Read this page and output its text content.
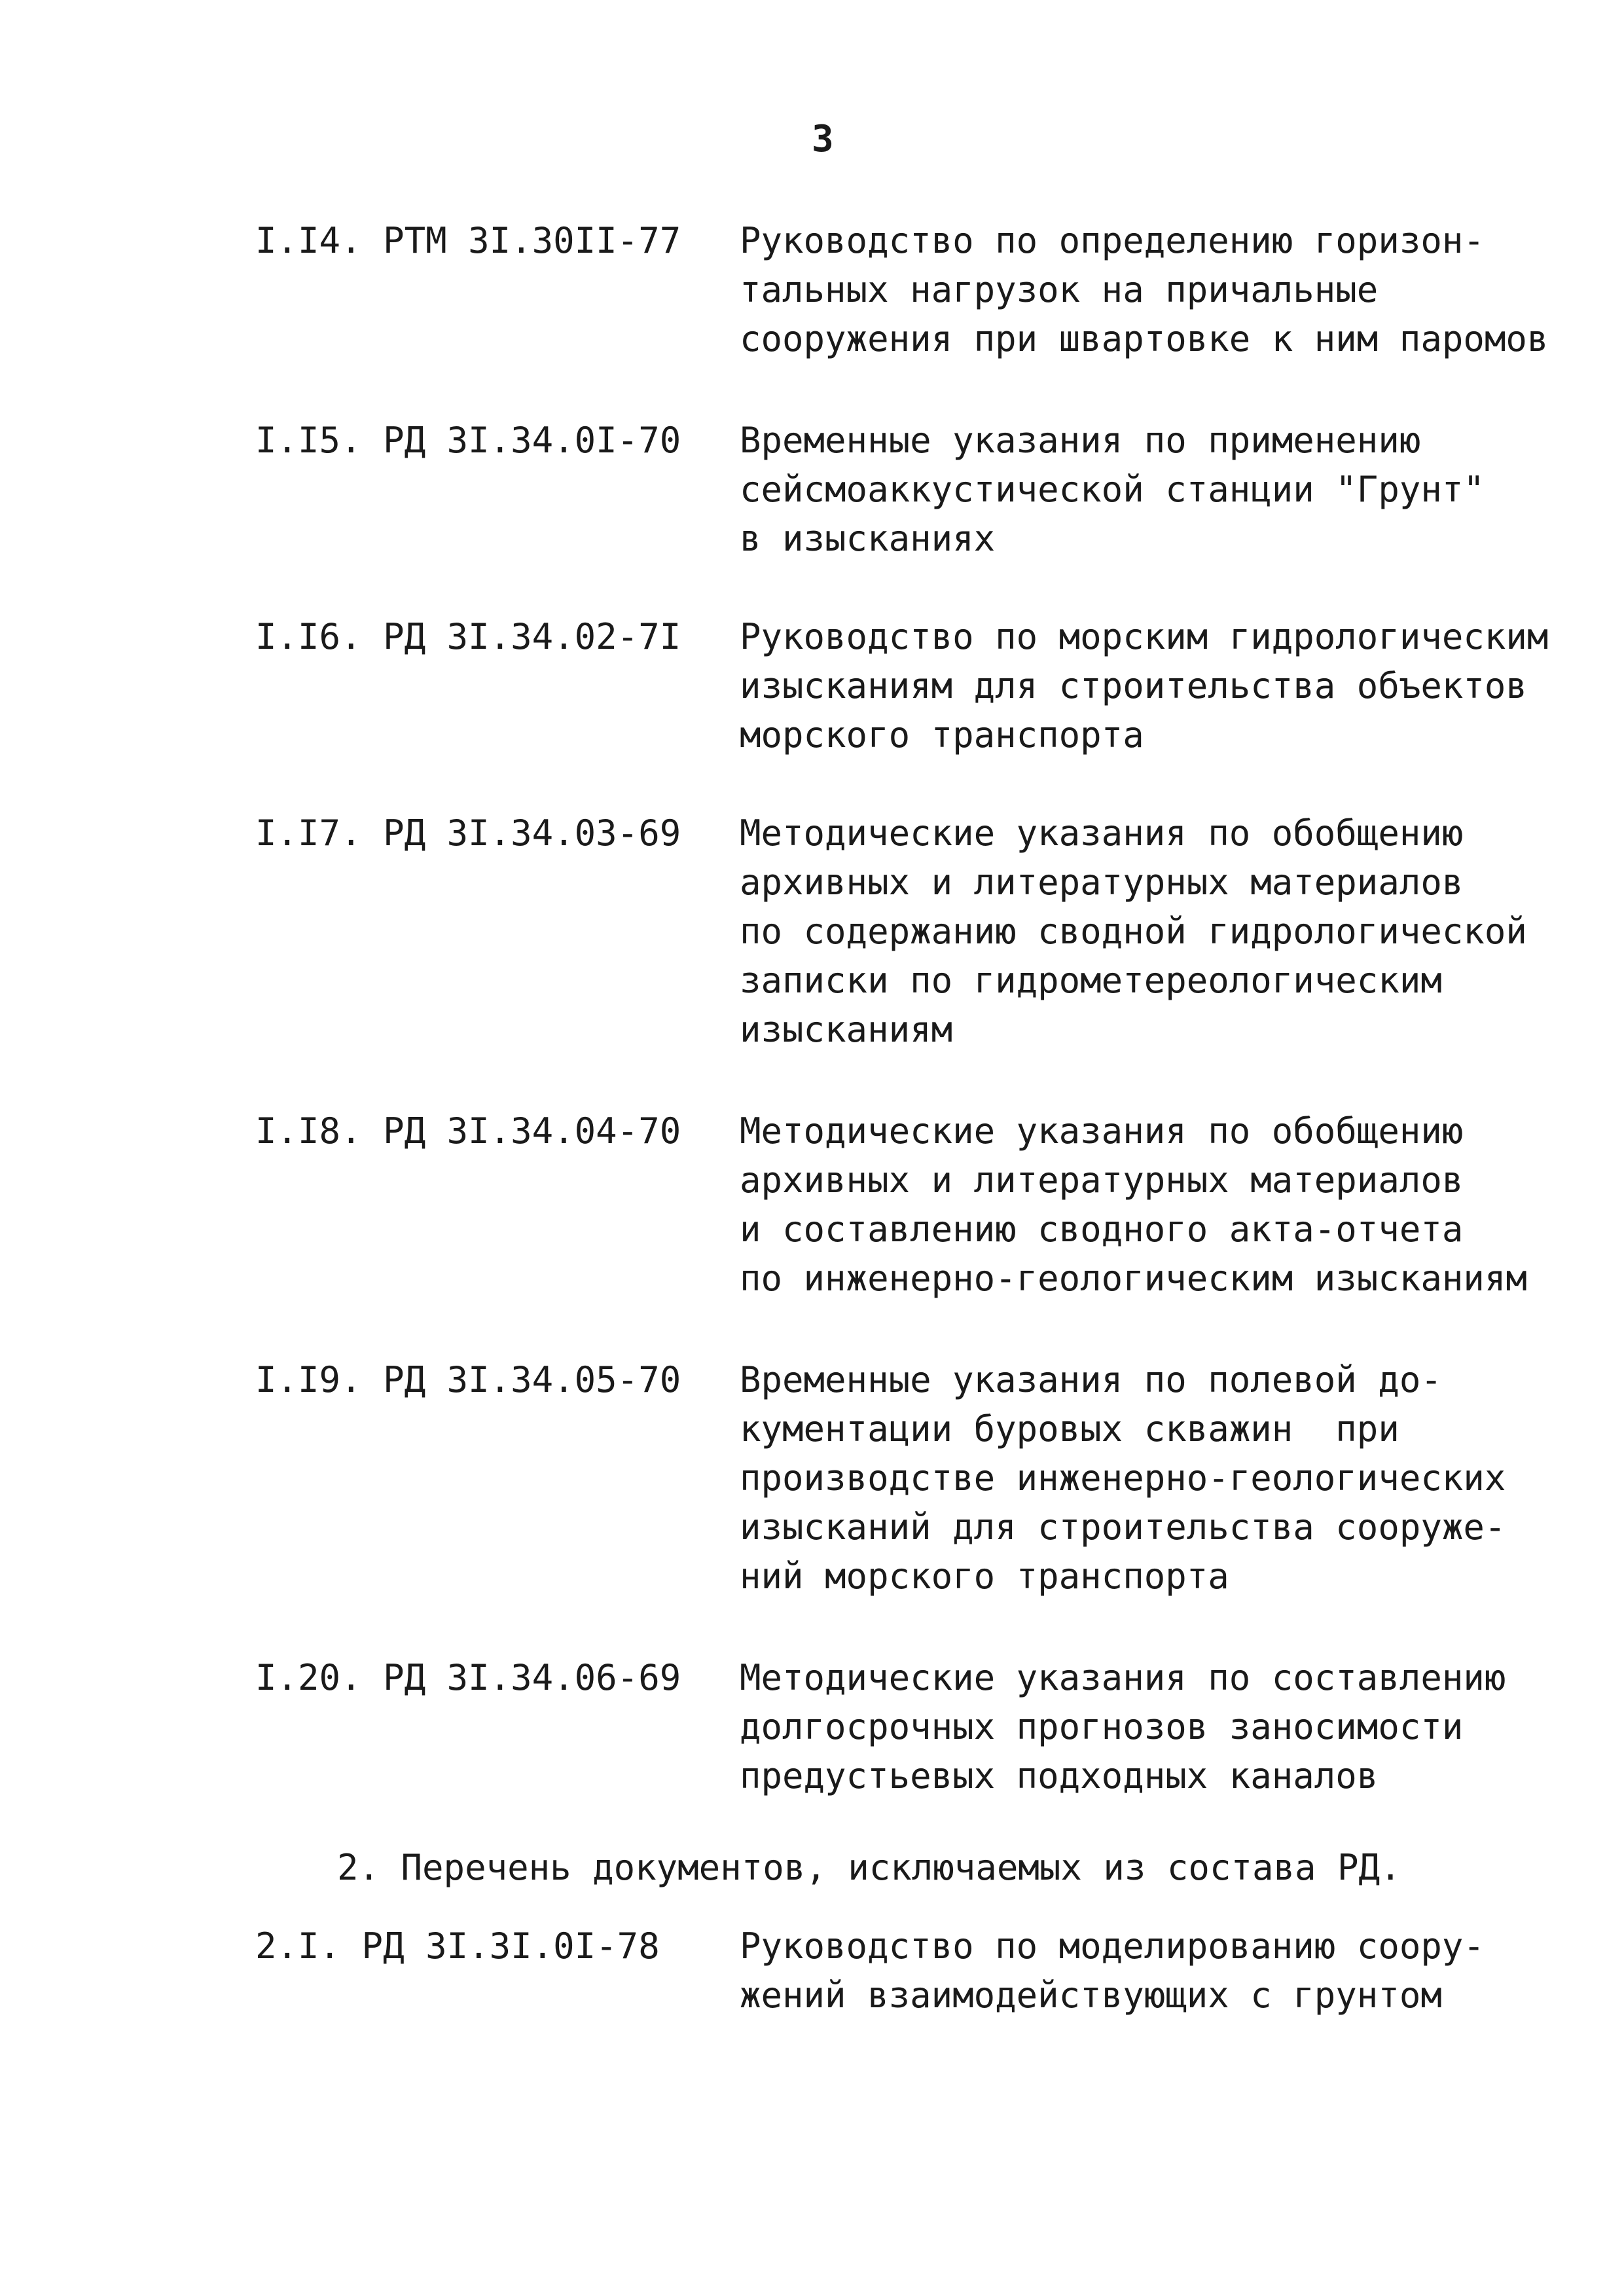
3
I.I4. РТМ 3I.30II-77 Руководство по определению горизон-
тальных нагрузок на причальные
сооружения при швартовке к ним паромов
I.I5. РД 3I.34.0I-70 Временные указания по применению
сейсмоаккустической станции "Грунт"
в изысканиях
I.I6. РД 3I.34.02-7I Руководство по морским гидрологическим
изысканиям для строительства объектов
морского транспорта
I.I7. РД 3I.34.03-69 Методические указания по обобщению
архивных и литературных материалов
по содержанию сводной гидрологической
записки по гидрометереологическим
изысканиям
I.I8. РД 3I.34.04-70 Методические указания по обобщению
архивных и литературных материалов
и составлению сводного акта-отчета
по инженерно-геологическим изысканиям
I.I9. РД 3I.34.05-70 Временные указания по полевой до-
кументации буровых скважин  при
производстве инженерно-геологических
изысканий для строительства сооруже-
ний морского транспорта
I.20. РД 3I.34.06-69 Методические указания по составлению
долгосрочных прогнозов заносимости
предустьевых подходных каналов
2. Перечень документов, исключаемых из состава РД.
2.I. РД 3I.3I.0I-78 Руководство по моделированию соору-
жений взаимодействующих с грунтом
